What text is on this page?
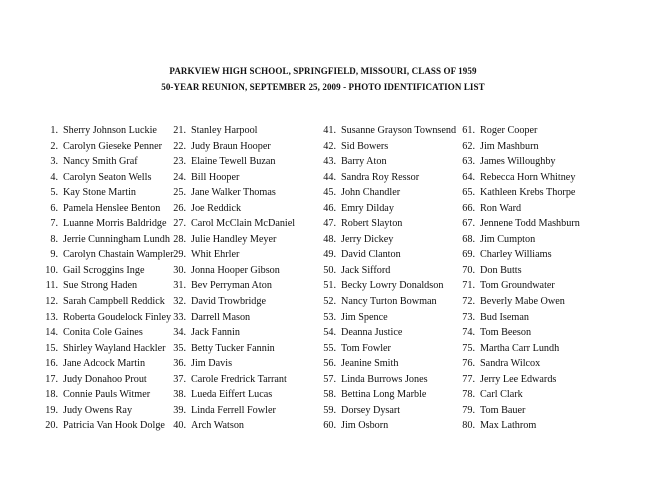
PARKVIEW HIGH SCHOOL, SPRINGFIELD, MISSOURI, CLASS OF 1959
50-YEAR REUNION, SEPTEMBER 25, 2009 - PHOTO IDENTIFICATION LIST
1. Sherry Johnson Luckie
2. Carolyn Gieseke Penner
3. Nancy Smith Graf
4. Carolyn Seaton Wells
5. Kay Stone Martin
6. Pamela Henslee Benton
7. Luanne Morris Baldridge
8. Jerrie Cunningham Lundh
9. Carolyn Chastain Wampler
10. Gail Scroggins Inge
11. Sue Strong Haden
12. Sarah Campbell Reddick
13. Roberta Goudelock Finley
14. Conita Cole Gaines
15. Shirley Wayland Hackler
16. Jane Adcock Martin
17. Judy Donahoo Prout
18. Connie Pauls Witmer
19. Judy Owens Ray
20. Patricia Van Hook Dolge
21. Stanley Harpool
22. Judy Braun Hooper
23. Elaine Tewell Buzan
24. Bill Hooper
25. Jane Walker Thomas
26. Joe Reddick
27. Carol McClain McDaniel
28. Julie Handley Meyer
29. Whit Ehrler
30. Jonna Hooper Gibson
31. Bev Perryman Aton
32. David Trowbridge
33. Darrell Mason
34. Jack Fannin
35. Betty Tucker Fannin
36. Jim Davis
37. Carole Fredrick Tarrant
38. Lueda Eiffert Lucas
39. Linda Ferrell Fowler
40. Arch Watson
41. Susanne Grayson Townsend
42. Sid Bowers
43. Barry Aton
44. Sandra Roy Ressor
45. John Chandler
46. Emry Dilday
47. Robert Slayton
48. Jerry Dickey
49. David Clanton
50. Jack Sifford
51. Becky Lowry Donaldson
52. Nancy Turton Bowman
53. Jim Spence
54. Deanna Justice
55. Tom Fowler
56. Jeanine Smith
57. Linda Burrows Jones
58. Bettina Long Marble
59. Dorsey Dysart
60. Jim Osborn
61. Roger Cooper
62. Jim Mashburn
63. James Willoughby
64. Rebecca Horn Whitney
65. Kathleen Krebs Thorpe
66. Ron Ward
67. Jennene Todd Mashburn
68. Jim Cumpton
69. Charley Williams
70. Don Butts
71. Tom Groundwater
72. Beverly Mabe Owen
73. Bud Iseman
74. Tom Beeson
75. Martha Carr Lundh
76. Sandra Wilcox
77. Jerry Lee Edwards
78. Carl Clark
79. Tom Bauer
80. Max Lathrom
